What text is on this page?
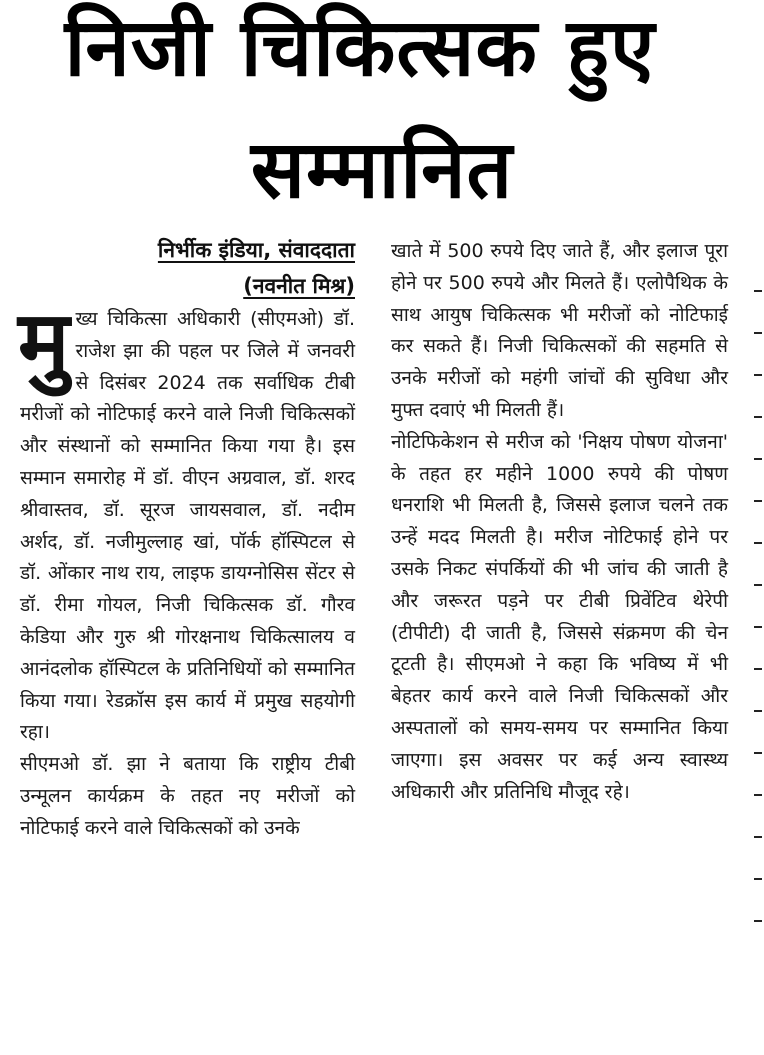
निजी चिकित्सक हुए
सम्मानित
निर्भीक इंडिया, संवाददाता
(नवनीत मिश्र)

मुख्य चिकित्सा अधिकारी (सीएमओ) डॉ. राजेश झा की पहल पर जिले में जनवरी से दिसंबर 2024 तक सर्वाधिक टीबी मरीजों को नोटिफाई करने वाले निजी चिकित्सकों और संस्थानों को सम्मानित किया गया है। इस सम्मान समारोह में डॉ. वीएन अग्रवाल, डॉ. शरद श्रीवास्तव, डॉ. सूरज जायसवाल, डॉ. नदीम अर्शद, डॉ. नजीमुल्लाह खां, पॉर्क हॉस्पिटल से डॉ. ओंकार नाथ राय, लाइफ डायग्नोसिस सेंटर से डॉ. रीमा गोयल, निजी चिकित्सक डॉ. गौरव केडिया और गुरु श्री गोरक्षनाथ चिकित्सालय व आनंदलोक हॉस्पिटल के प्रतिनिधियों को सम्मानित किया गया। रेडक्रॉस इस कार्य में प्रमुख सहयोगी रहा।

सीएमओ डॉ. झा ने बताया कि राष्ट्रीय टीबी उन्मूलन कार्यक्रम के तहत नए मरीजों को नोटिफाई करने वाले चिकित्सकों को उनके

खाते में 500 रुपये दिए जाते हैं, और इलाज पूरा होने पर 500 रुपये और मिलते हैं। एलोपैथिक के साथ आयुष चिकित्सक भी मरीजों को नोटिफाई कर सकते हैं। निजी चिकित्सकों की सहमति से उनके मरीजों को महंगी जांचों की सुविधा और मुफ्त दवाएं भी मिलती हैं।

नोटिफिकेशन से मरीज को 'निक्षय पोषण योजना' के तहत हर महीने 1000 रुपये की पोषण धनराशि भी मिलती है, जिससे इलाज चलने तक उन्हें मदद मिलती है। मरीज नोटिफाई होने पर उसके निकट संपर्कियों की भी जांच की जाती है और जरूरत पड़ने पर टीबी प्रिवेंटिव थेरेपी (टीपीटी) दी जाती है, जिससे संक्रमण की चेन टूटती है। सीएमओ ने कहा कि भविष्य में भी बेहतर कार्य करने वाले निजी चिकित्सकों और अस्पतालों को समय-समय पर सम्मानित किया जाएगा। इस अवसर पर कई अन्य स्वास्थ्य अधिकारी और प्रतिनिधि मौजूद रहे।
